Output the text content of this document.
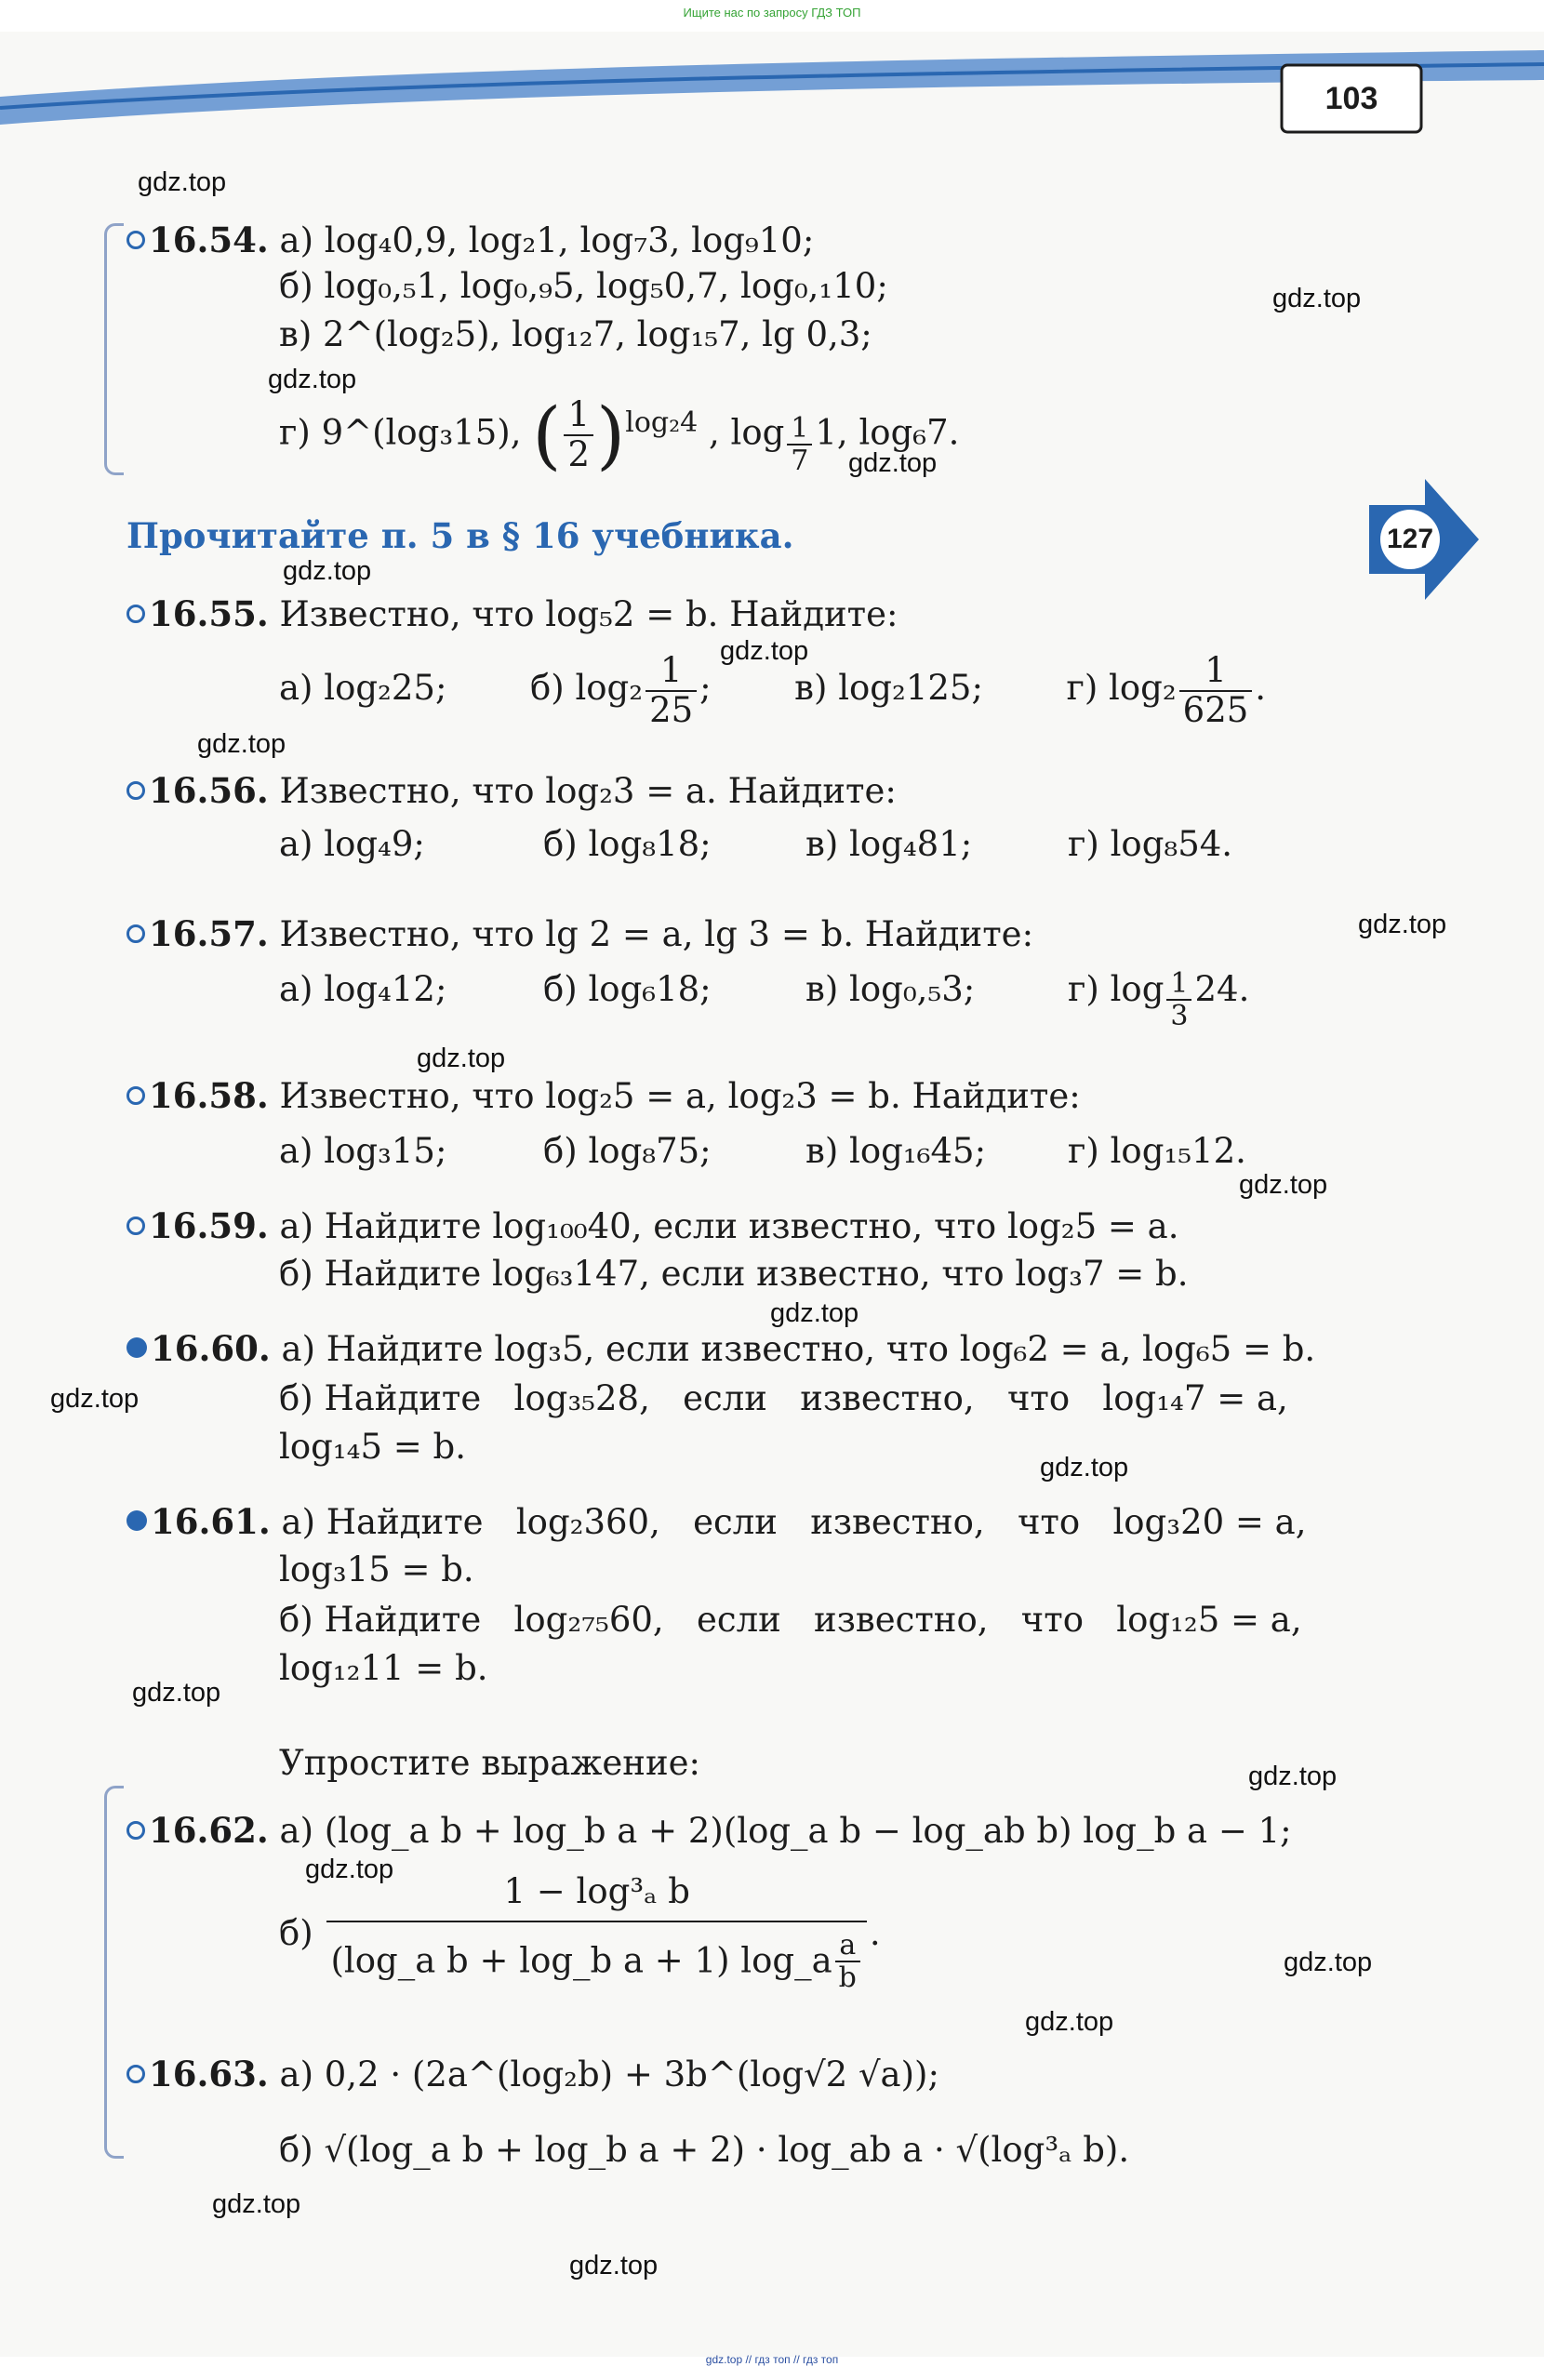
Ищите нас по запросу ГДЗ ТОП
103
127
gdz.top
gdz.top
gdz.top
gdz.top
gdz.top
gdz.top
gdz.top
gdz.top
gdz.top
gdz.top
gdz.top
gdz.top
gdz.top
gdz.top
gdz.top
gdz.top
gdz.top
gdz.top
gdz.top
gdz.top
16.54. а) log₄0,9, log₂1, log₇3, log₉10;
б) log₀,₅1, log₀,₉5, log₅0,7, log₀,₁10;
в) 2^(log₂5), log₁₂7, log₁₅7, lg 0,3;
г) 9^(log₃15), ( $\frac{1}{2} )^{log_24}$ , $\log \frac{1}{7} 1$, log₆7.
Прочитайте п. 5 в § 16 учебника.
16.55. Известно, что log₅2 = b. Найдите:
а) log₂25; б) $\log_2 \frac{1}{25}$ ; в) log₂125; г) $\log_2 \frac{1}{625}$ .
16.56. Известно, что log₂3 = a. Найдите:
а) log₄9;	б) log₈18;	в) log₄81;	г) log₈54.
16.57. Известно, что lg 2 = a, lg 3 = b. Найдите:
а) log₄12;	б) log₆18;	в) log₀,₅3;	г) $\log \frac{1}{3} 24$.
16.58. Известно, что log₂5 = a, log₂3 = b. Найдите:
а) log₃15;	б) log₈75;	в) log₁₆45; г) log₁₅12.
16.59. а) Найдите log₁₀₀40, если известно, что log₂5 = a.
б) Найдите log₆₃147, если известно, что log₃7 = b.
16.60. а) Найдите log₃5, если известно, что log₆2 = a, log₆5 = b.
б) Найдите   log₃₅28,   если   известно,   что   log₁₄7 = a,
log₁₄5 = b.
16.61. а) Найдите   log₂360,   если   известно,   что   log₃20 = a,
log₃15 = b.
б) Найдите   log₂₇₅60,   если   известно,   что   log₁₂5 = a,
log₁₂11 = b.
Упростите выражение:
16.62. а) (log_a b + log_b a + 2)(log_a b − log_ab b) log_b a − 1;
$б) \frac{\text{1 − log³ₐ b}}{(\log\_a b + \log\_b a + 1) \log\_a \frac{a}{b}}$ .
16.63. а) 0,2 · (2a^(log₂b) + 3b^(log√2 √a));
б) √(log_a b + log_b a + 2) · log_ab a · √(log³ₐ b).
gdz.top // гдз топ // гдз топ
